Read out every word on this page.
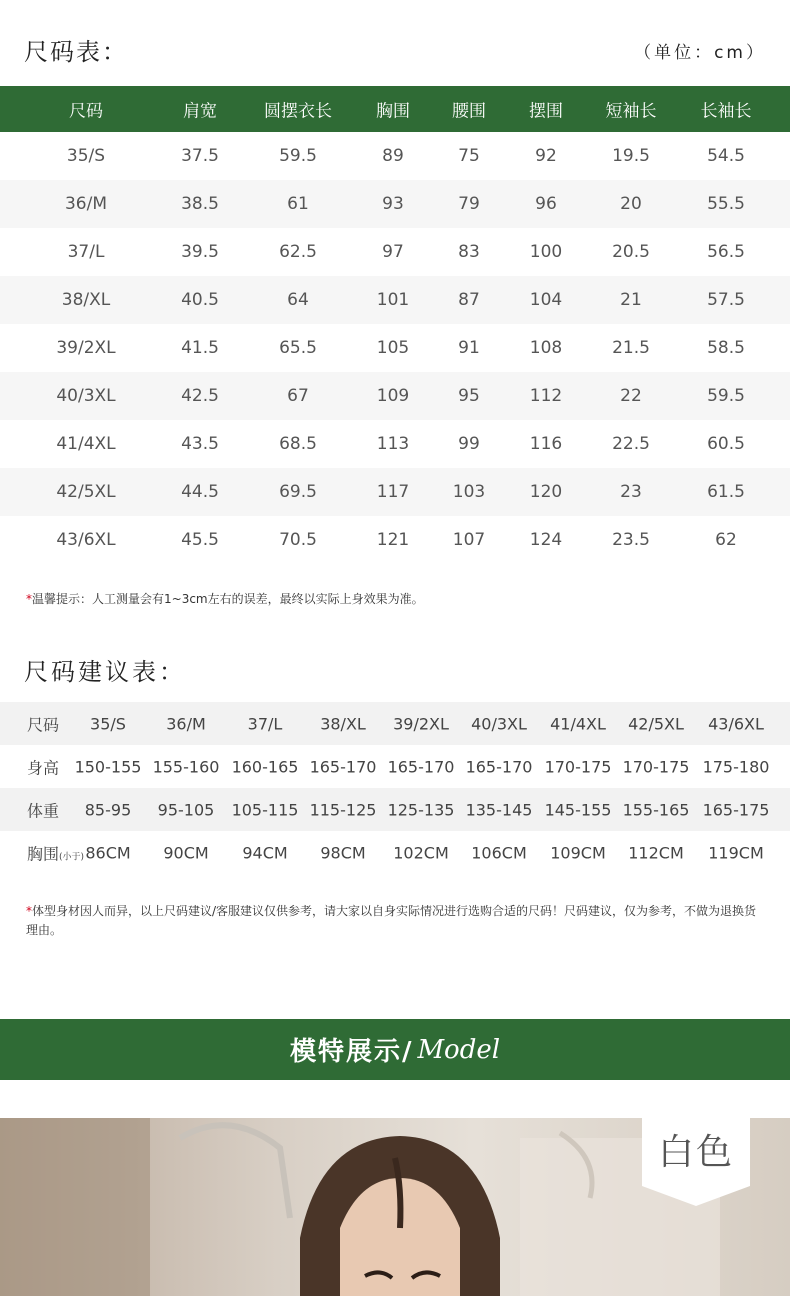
尺码表：	（单位：cm）
尺码	肩宽	圆摆衣长	胸围 腰围	摆围	短袖长	长袖长
35/S	37.5	59.5	89	75	92	19.5	54.5
36/M	38.5	61	93	79	96	20	55.5
37/L	39.5	62.5	97	83	100	20.5	56.5
38/XL	40.5	64	101	87	104	21	57.5
39/2XL	41.5	65.5	105	91	108	21.5	58.5
40/3XL	42.5	67	109	95	112	22	59.5
41/4XL	43.5	68.5	113	99	116	22.5	60.5
42/5XL	44.5	69.5	117	103	120	23	61.5
43/6XL	45.5	70.5	121	107	124	23.5	62
*温馨提示：人工测量会有1~3cm左右的误差，最终以实际上身效果为准。
尺码建议表：
尺码 35/S	36/M	37/L 38/XL 39/2XL 40/3XL 41/4XL 42/5XL 43/6XL
身高 150-155 155-160 160-165 165-170 165-170 165-170 170-175 170-175 175-180
体重 85-95 95-105 105-115 115-125 125-135 135-145 145-155 155-165 165-175
胸围(小于) 86CM 90CM 94CM 98CM 102CM 106CM 109CM 112CM 119CM
*体型身材因人而异，以上尺码建议/客服建议仅供参考，请大家以自身实际情况进行选购合适的尺码！尺码建议，仅为参考，不做为退换货理由。
模特展示/ Model
白色
